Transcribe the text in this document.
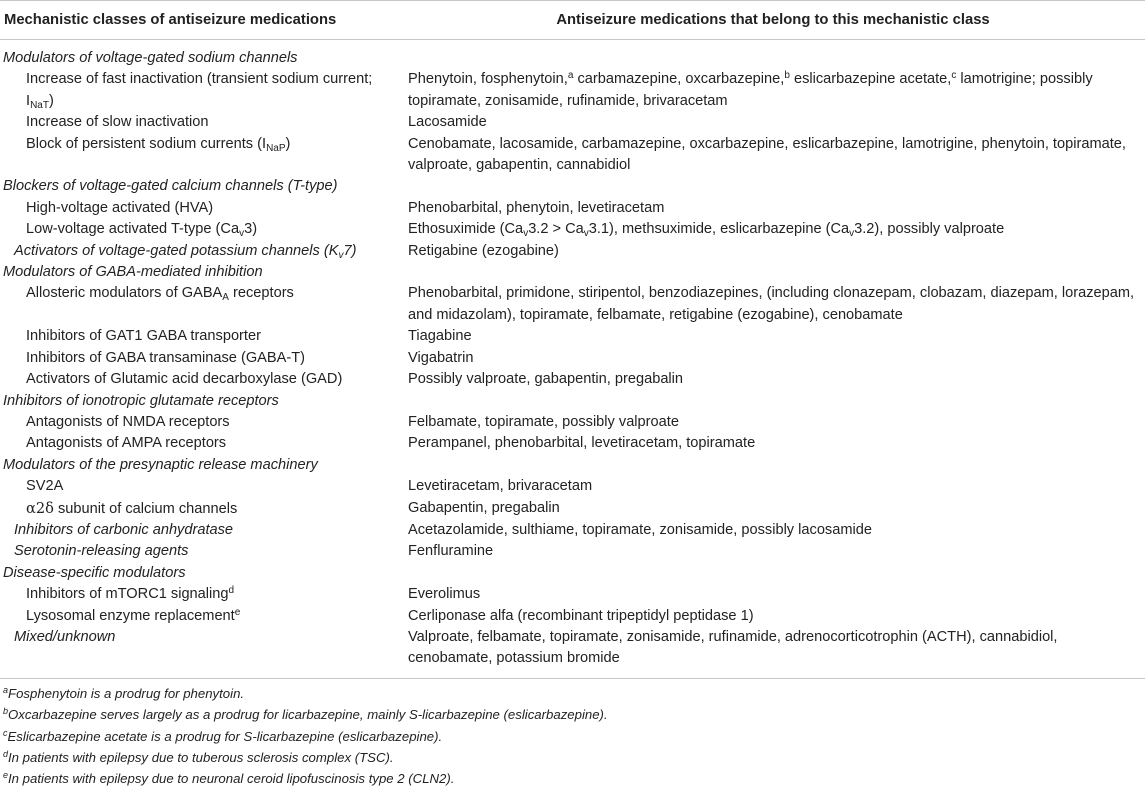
Mechanistic classes of antiseizure medications	Antiseizure medications that belong to this mechanistic class
Modulators of voltage-gated sodium channels	
Increase of fast inactivation (transient sodium current; $I_{NaT}$)	Phenytoin, fosphenytoin,$^a$ carbamazepine, oxcarbazepine,$^b$ eslicarbazepine acetate,$^c$ lamotrigine; possibly topiramate, zonisamide, rufinamide, brivaracetam
Increase of slow inactivation	Lacosamide
Block of persistent sodium currents $(I_{NaP})$	Cenobamate, lacosamide, carbamazepine, oxcarbazepine, eslicarbazepine, lamotrigine, phenytoin, topiramate, valproate, gabapentin, cannabidiol
Blockers of voltage-gated calcium channels (T-type)	
High-voltage activated (HVA)	Phenobarbital, phenytoin, levetiracetam
Low-voltage activated T-type $(Ca_v3)$	Ethosuximide $(Ca_v3.2 > Ca_v3.1)$, methsuximide, eslicarbazepine $(Ca_v3.2)$, possibly valproate
Activators of voltage-gated potassium channels $(K_v7)$	Retigabine (ezogabine)
Modulators of GABA-mediated inhibition	
Allosteric modulators of $GABA_A$ receptors	Phenobarbital, primidone, stiripentol, benzodiazepines, (including clonazepam, clobazam, diazepam, lorazepam, and midazolam), topiramate, felbamate, retigabine (ezogabine), cenobamate
Inhibitors of GAT1 GABA transporter	Tiagabine
Inhibitors of GABA transaminase (GABA-T)	Vigabatrin
Activators of Glutamic acid decarboxylase (GAD)	Possibly valproate, gabapentin, pregabalin
Inhibitors of ionotropic glutamate receptors	
Antagonists of NMDA receptors	Felbamate, topiramate, possibly valproate
Antagonists of AMPA receptors	Perampanel, phenobarbital, levetiracetam, topiramate
Modulators of the presynaptic release machinery	
SV2A	Levetiracetam, brivaracetam
α2δ subunit of calcium channels	Gabapentin, pregabalin
Inhibitors of carbonic anhydratase	Acetazolamide, sulthiame, topiramate, zonisamide, possibly lacosamide
Serotonin-releasing agents	Fenfluramine
Disease-specific modulators	
Inhibitors of mTORC1 signaling$^d$	Everolimus
Lysosomal enzyme replacement$^e$	Cerliponase alfa (recombinant tripeptidyl peptidase 1)
Mixed/unknown	Valproate, felbamate, topiramate, zonisamide, rufinamide, adrenocorticotrophin (ACTH), cannabidiol, cenobamate, potassium bromide
$^a$Fosphenytoin is a prodrug for phenytoin.
$^b$Oxcarbazepine serves largely as a prodrug for licarbazepine, mainly S-licarbazepine (eslicarbazepine).
$^c$Eslicarbazepine acetate is a prodrug for S-licarbazepine (eslicarbazepine).
$^d$In patients with epilepsy due to tuberous sclerosis complex (TSC).
$^e$In patients with epilepsy due to neuronal ceroid lipofuscinosis type 2 (CLN2).
